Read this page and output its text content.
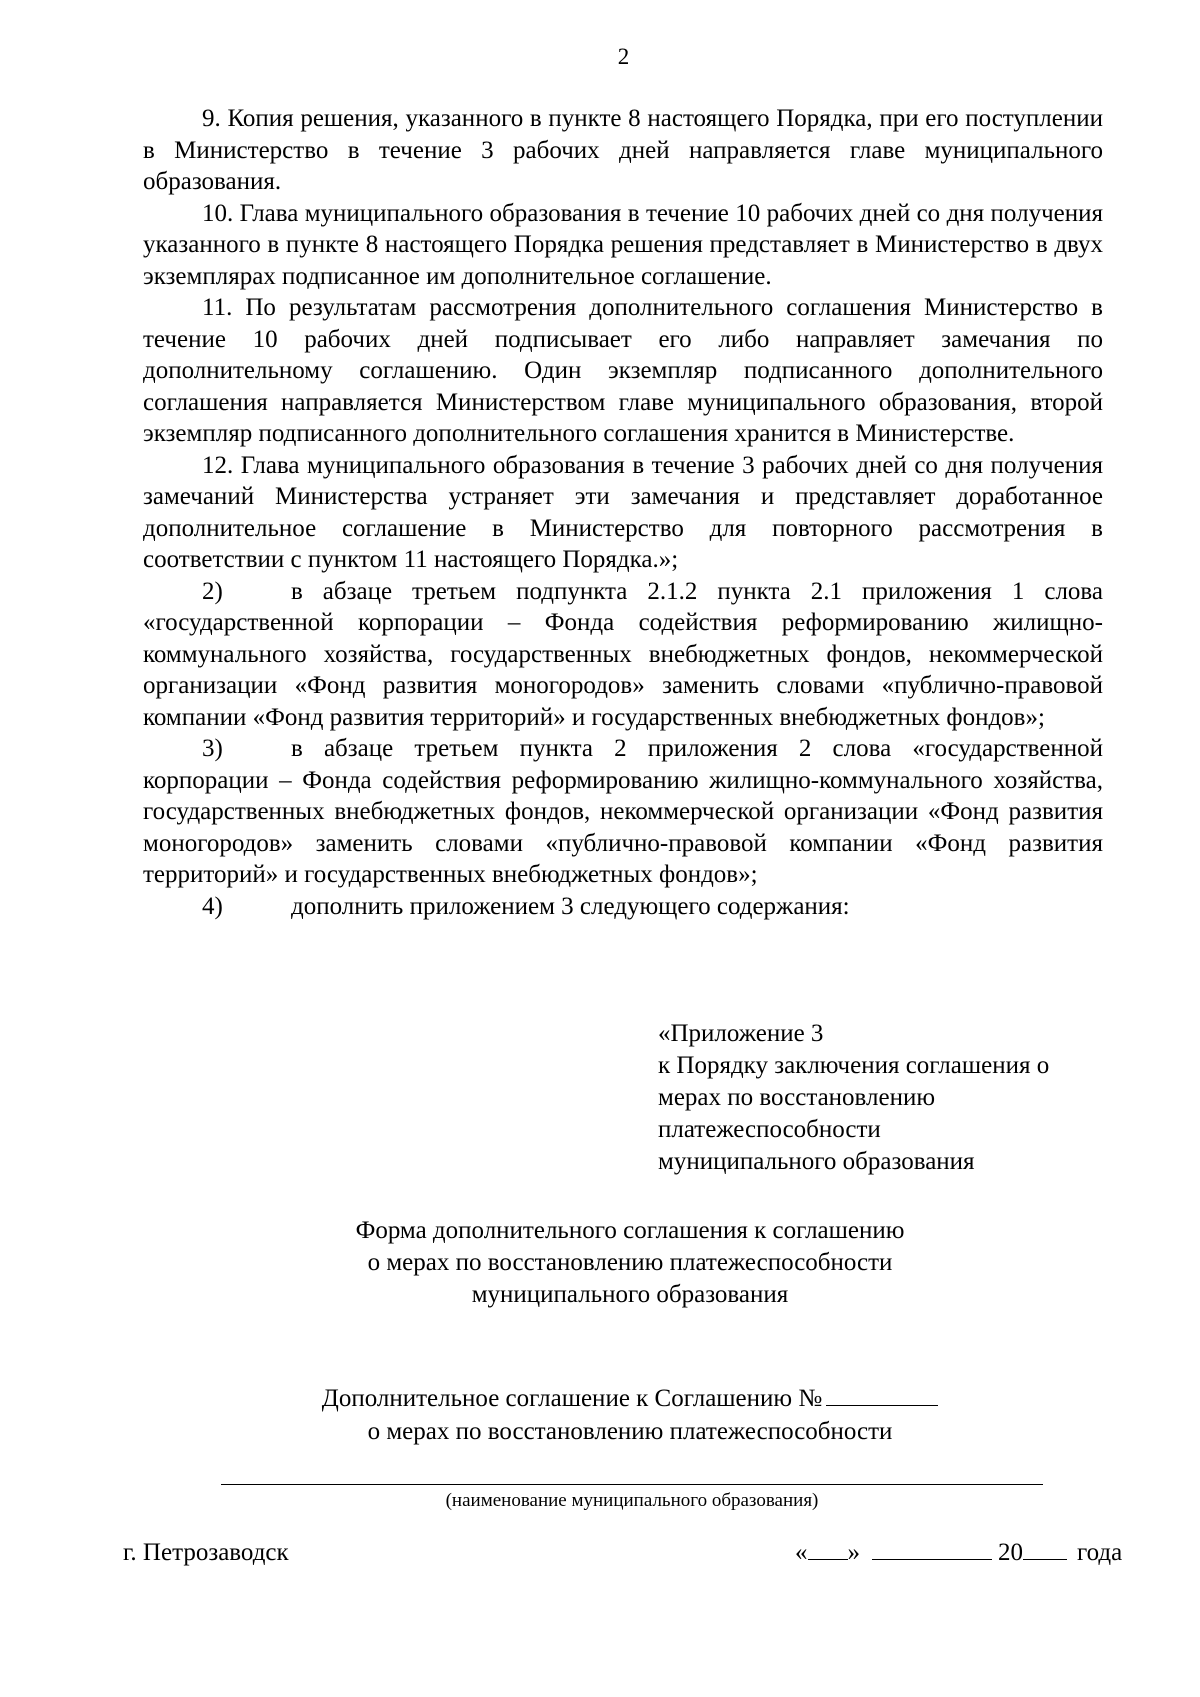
2

9. Копия решения, указанного в пункте 8 настоящего Порядка, при его поступлении в Министерство в течение 3 рабочих дней направляется главе муниципального образования.

10. Глава муниципального образования в течение 10 рабочих дней со дня получения указанного в пункте 8 настоящего Порядка решения представляет в Министерство в двух экземплярах подписанное им дополнительное соглашение.

11. По результатам рассмотрения дополнительного соглашения Министерство в течение 10 рабочих дней подписывает его либо направляет замечания по дополнительному соглашению. Один экземпляр подписанного дополнительного соглашения направляется Министерством главе муниципального образования, второй экземпляр подписанного дополнительного соглашения хранится в Министерстве.

12. Глава муниципального образования в течение 3 рабочих дней со дня получения замечаний Министерства устраняет эти замечания и представляет доработанное дополнительное соглашение в Министерство для повторного рассмотрения в соответствии с пунктом 11 настоящего Порядка.»;

2)	в абзаце третьем подпункта 2.1.2 пункта 2.1 приложения 1 слова «государственной корпорации – Фонда содействия реформированию жилищно-коммунального хозяйства, государственных внебюджетных фондов, некоммерческой организации «Фонд развития моногородов» заменить словами «публично-правовой компании «Фонд развития территорий» и государственных внебюджетных фондов»;

3)	в абзаце третьем пункта 2 приложения 2 слова «государственной корпорации – Фонда содействия реформированию жилищно-коммунального хозяйства, государственных внебюджетных фондов, некоммерческой организации «Фонд развития моногородов» заменить словами «публично-правовой компании «Фонд развития территорий» и государственных внебюджетных фондов»;

4)	дополнить приложением 3 следующего содержания:

«Приложение 3
к Порядку заключения соглашения о
мерах по восстановлению
платежеспособности
муниципального образования
Форма дополнительного соглашения к соглашению
о мерах по восстановлению платежеспособности
муниципального образования
Дополнительное соглашение к Соглашению №
о мерах по восстановлению платежеспособности
(наименование муниципального образования)
г. Петрозаводск	« »	20 года
